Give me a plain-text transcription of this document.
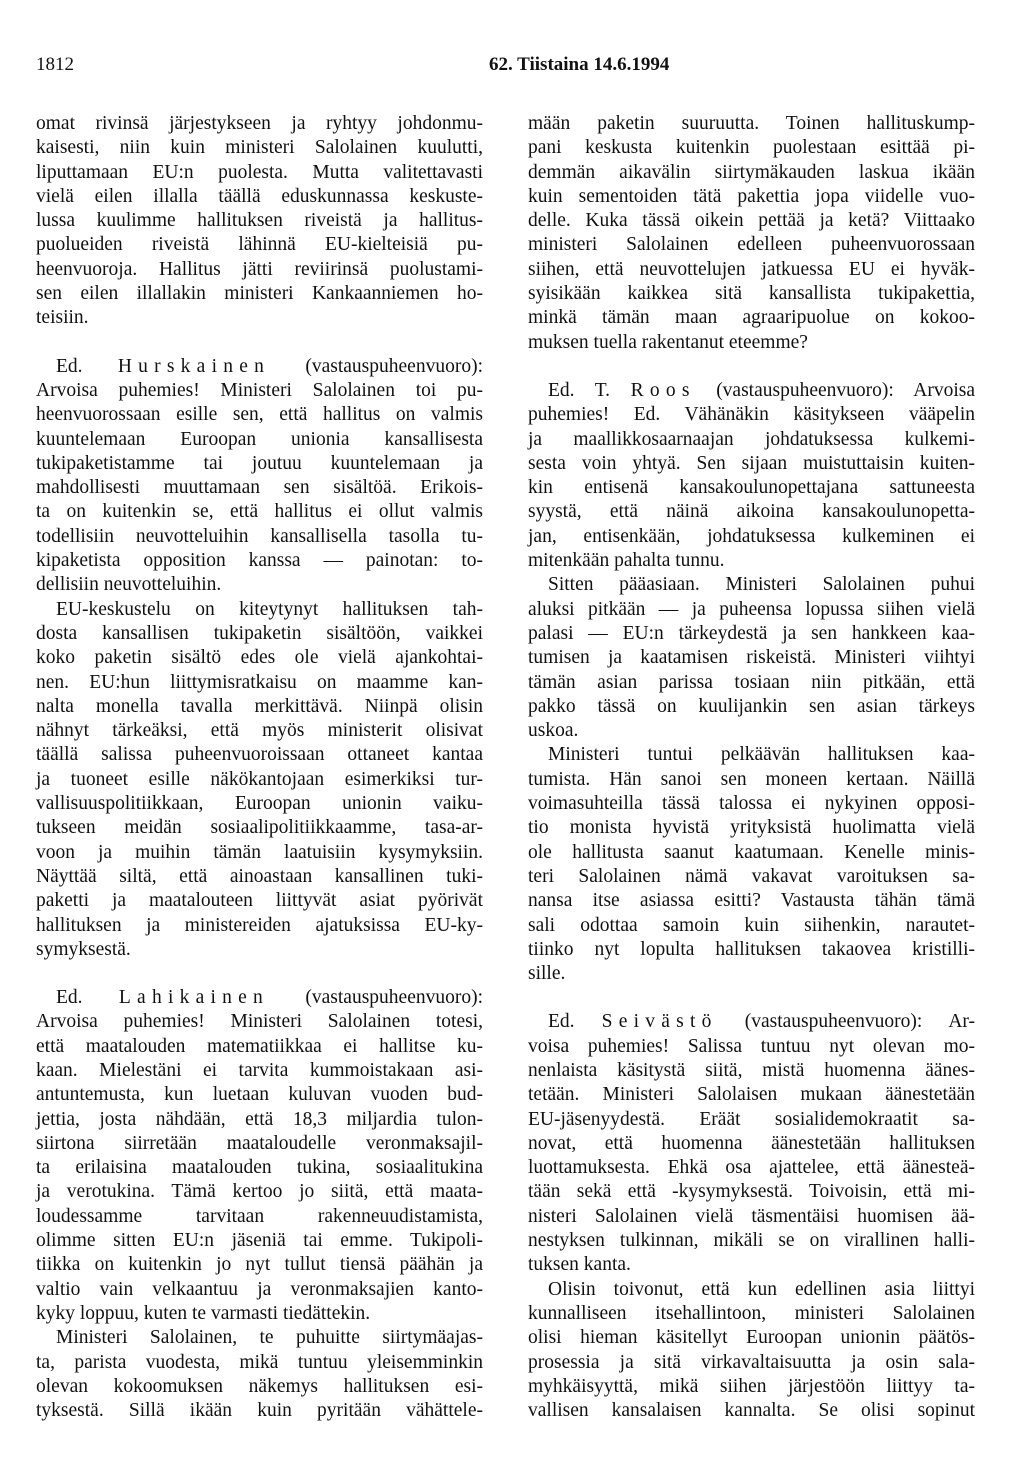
1812	62. Tiistaina 14.6.1994
omat rivinsä järjestykseen ja ryhtyy johdonmu-
kaisesti, niin kuin ministeri Salolainen kuulutti,
liputtamaan EU:n puolesta. Mutta valitettavasti
vielä eilen illalla täällä eduskunnassa keskuste-
lussa kuulimme hallituksen riveistä ja hallitus-
puolueiden riveistä lähinnä EU-kielteisiä pu-
heenvuoroja. Hallitus jätti reviirinsä puolustami-
sen eilen illallakin ministeri Kankaanniemen ho-
teisiin.
Ed. Hurskainen (vastauspuheenvuoro):
Arvoisa puhemies! Ministeri Salolainen toi pu-
heenvuorossaan esille sen, että hallitus on valmis
kuuntelemaan Euroopan unionia kansallisesta
tukipaketistamme tai joutuu kuuntelemaan ja
mahdollisesti muuttamaan sen sisältöä. Erikois-
ta on kuitenkin se, että hallitus ei ollut valmis
todellisiin neuvotteluihin kansallisella tasolla tu-
kipaketista opposition kanssa — painotan: to-
dellisiin neuvotteluihin.
EU-keskustelu on kiteytynyt hallituksen tah-
dosta kansallisen tukipaketin sisältöön, vaikkei
koko paketin sisältö edes ole vielä ajankohtai-
nen. EU:hun liittymisratkaisu on maamme kan-
nalta monella tavalla merkittävä. Niinpä olisin
nähnyt tärkeäksi, että myös ministerit olisivat
täällä salissa puheenvuoroissaan ottaneet kantaa
ja tuoneet esille näkökantojaan esimerkiksi tur-
vallisuuspolitiikkaan, Euroopan unionin vaiku-
tukseen meidän sosiaalipolitiikkaamme, tasa-ar-
voon ja muihin tämän laatuisiin kysymyksiin.
Näyttää siltä, että ainoastaan kansallinen tuki-
paketti ja maatalouteen liittyvät asiat pyörivät
hallituksen ja ministereiden ajatuksissa EU-ky-
symyksestä.
Ed. Lahikainen (vastauspuheenvuoro):
Arvoisa puhemies! Ministeri Salolainen totesi,
että maatalouden matematiikkaa ei hallitse ku-
kaan. Mielestäni ei tarvita kummoistakaan asi-
antuntemusta, kun luetaan kuluvan vuoden bud-
jettia, josta nähdään, että 18,3 miljardia tulon-
siirtona siirretään maataloudelle veronmaksajil-
ta erilaisina maatalouden tukina, sosiaalitukina
ja verotukina. Tämä kertoo jo siitä, että maata-
loudessamme tarvitaan rakenneuudistamista,
olimme sitten EU:n jäseniä tai emme. Tukipoli-
tiikka on kuitenkin jo nyt tullut tiensä päähän ja
valtio vain velkaantuu ja veronmaksajien kanto-
kyky loppuu, kuten te varmasti tiedättekin.
Ministeri Salolainen, te puhuitte siirtymäajas-
ta, parista vuodesta, mikä tuntuu yleisemminkin
olevan kokoomuksen näkemys hallituksen esi-
tyksestä. Sillä ikään kuin pyritään vähättele-
mään paketin suuruutta. Toinen hallituskump-
pani keskusta kuitenkin puolestaan esittää pi-
demmän aikavälin siirtymäkauden laskua ikään
kuin sementoiden tätä pakettia jopa viidelle vuo-
delle. Kuka tässä oikein pettää ja ketä? Viittaako
ministeri Salolainen edelleen puheenvuorossaan
siihen, että neuvottelujen jatkuessa EU ei hyväk-
syisikään kaikkea sitä kansallista tukipakettia,
minkä tämän maan agraaripuolue on kokoo-
muksen tuella rakentanut eteemme?
Ed. T. Roos (vastauspuheenvuoro): Arvoisa
puhemies! Ed. Vähänäkin käsitykseen vääpelin
ja maallikkosaarnaajan johdatuksessa kulkemi-
sesta voin yhtyä. Sen sijaan muistuttaisin kuiten-
kin entisenä kansakoulunopettajana sattuneesta
syystä, että näinä aikoina kansakoulunopetta-
jan, entisenkään, johdatuksessa kulkeminen ei
mitenkään pahalta tunnu.
Sitten pääasiaan. Ministeri Salolainen puhui
aluksi pitkään — ja puheensa lopussa siihen vielä
palasi — EU:n tärkeydestä ja sen hankkeen kaa-
tumisen ja kaatamisen riskeistä. Ministeri viihtyi
tämän asian parissa tosiaan niin pitkään, että
pakko tässä on kuulijankin sen asian tärkeys
uskoa.
Ministeri tuntui pelkäävän hallituksen kaa-
tumista. Hän sanoi sen moneen kertaan. Näillä
voimasuhteilla tässä talossa ei nykyinen opposi-
tio monista hyvistä yrityksistä huolimatta vielä
ole hallitusta saanut kaatumaan. Kenelle minis-
teri Salolainen nämä vakavat varoituksen sa-
nansa itse asiassa esitti? Vastausta tähän tämä
sali odottaa samoin kuin siihenkin, narautet-
tiinko nyt lopulta hallituksen takaovea kristilli-
sille.
Ed. Seivästö (vastauspuheenvuoro): Ar-
voisa puhemies! Salissa tuntuu nyt olevan mo-
nenlaista käsitystä siitä, mistä huomenna äänes-
tetään. Ministeri Salolaisen mukaan äänestetään
EU-jäsenyydestä. Eräät sosialidemokraatit sa-
novat, että huomenna äänestetään hallituksen
luottamuksesta. Ehkä osa ajattelee, että äänesteä-
tään sekä että -kysymyksestä. Toivoisin, että mi-
nisteri Salolainen vielä täsmentäisi huomisen ää-
nestyksen tulkinnan, mikäli se on virallinen halli-
tuksen kanta.
Olisin toivonut, että kun edellinen asia liittyi
kunnalliseen itsehallintoon, ministeri Salolainen
olisi hieman käsitellyt Euroopan unionin päätös-
prosessia ja sitä virkavaltaisuutta ja osin sala-
myhkäisyyttä, mikä siihen järjestöön liittyy ta-
vallisen kansalaisen kannalta. Se olisi sopinut
